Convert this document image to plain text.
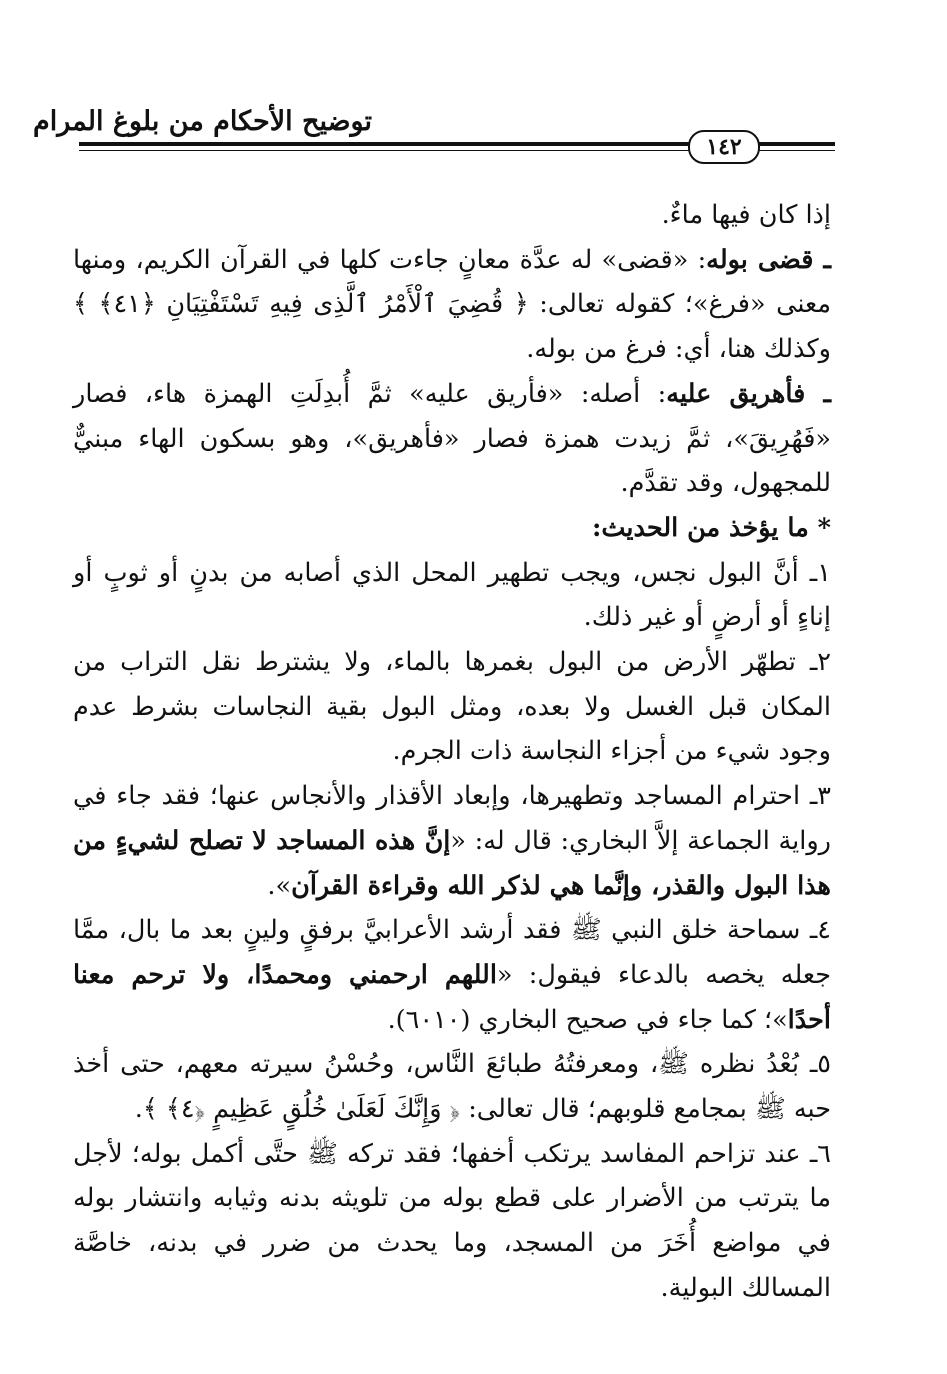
توضيح الأحكام من بلوغ المرام
١٤٢

إذا كان فيها ماءٌ.

ـ قضى بوله: «قضى» له عدَّة معانٍ جاءت كلها في القرآن الكريم، ومنها معنى «فرغ»؛ كقوله تعالى: ﴿ قُضِيَ ٱلْأَمْرُ ٱلَّذِى فِيهِ تَسْتَفْتِيَانِ ﴿٤١﴾ ﴾ وكذلك هنا، أي: فرغ من بوله.

ـ فأهريق عليه: أصله: «فأريق عليه» ثمَّ أُبدِلَتِ الهمزة هاء، فصار «فَهُرِيقَ»، ثمَّ زيدت همزة فصار «فأهريق»، وهو بسكون الهاء مبنيٌّ للمجهول، وقد تقدَّم.

* ما يؤخذ من الحديث:

١ـ أنَّ البول نجس، ويجب تطهير المحل الذي أصابه من بدنٍ أو ثوبٍ أو إناءٍ أو أرضٍ أو غير ذلك.

٢ـ تطهّر الأرض من البول بغمرها بالماء، ولا يشترط نقل التراب من المكان قبل الغسل ولا بعده، ومثل البول بقية النجاسات بشرط عدم وجود شيء من أجزاء النجاسة ذات الجرم.

٣ـ احترام المساجد وتطهيرها، وإبعاد الأقذار والأنجاس عنها؛ فقد جاء في رواية الجماعة إلاَّ البخاري: قال له: «إنَّ هذه المساجد لا تصلح لشيءٍ من هذا البول والقذر، وإنَّما هي لذكر الله وقراءة القرآن».

٤ـ سماحة خلق النبي ﷺ فقد أرشد الأعرابيَّ برفقٍ ولينٍ بعد ما بال، ممَّا جعله يخصه بالدعاء فيقول: «اللهم ارحمني ومحمدًا، ولا ترحم معنا أحدًا»؛ كما جاء في صحيح البخاري (٦٠١٠).

٥ـ بُعْدُ نظره ﷺ، ومعرفتُهُ طبائعَ النَّاس، وحُسْنُ سيرته معهم، حتى أخذ حبه ﷺ بمجامع قلوبهم؛ قال تعالى: ﴿ وَإِنَّكَ لَعَلَىٰ خُلُقٍ عَظِيمٍ ﴿٤﴾ ﴾.

٦ـ عند تزاحم المفاسد يرتكب أخفها؛ فقد تركه ﷺ حتَّى أكمل بوله؛ لأجل ما يترتب من الأضرار على قطع بوله من تلويثه بدنه وثيابه وانتشار بوله في مواضع أُخَرَ من المسجد، وما يحدث من ضرر في بدنه، خاصَّة المسالك البولية.
